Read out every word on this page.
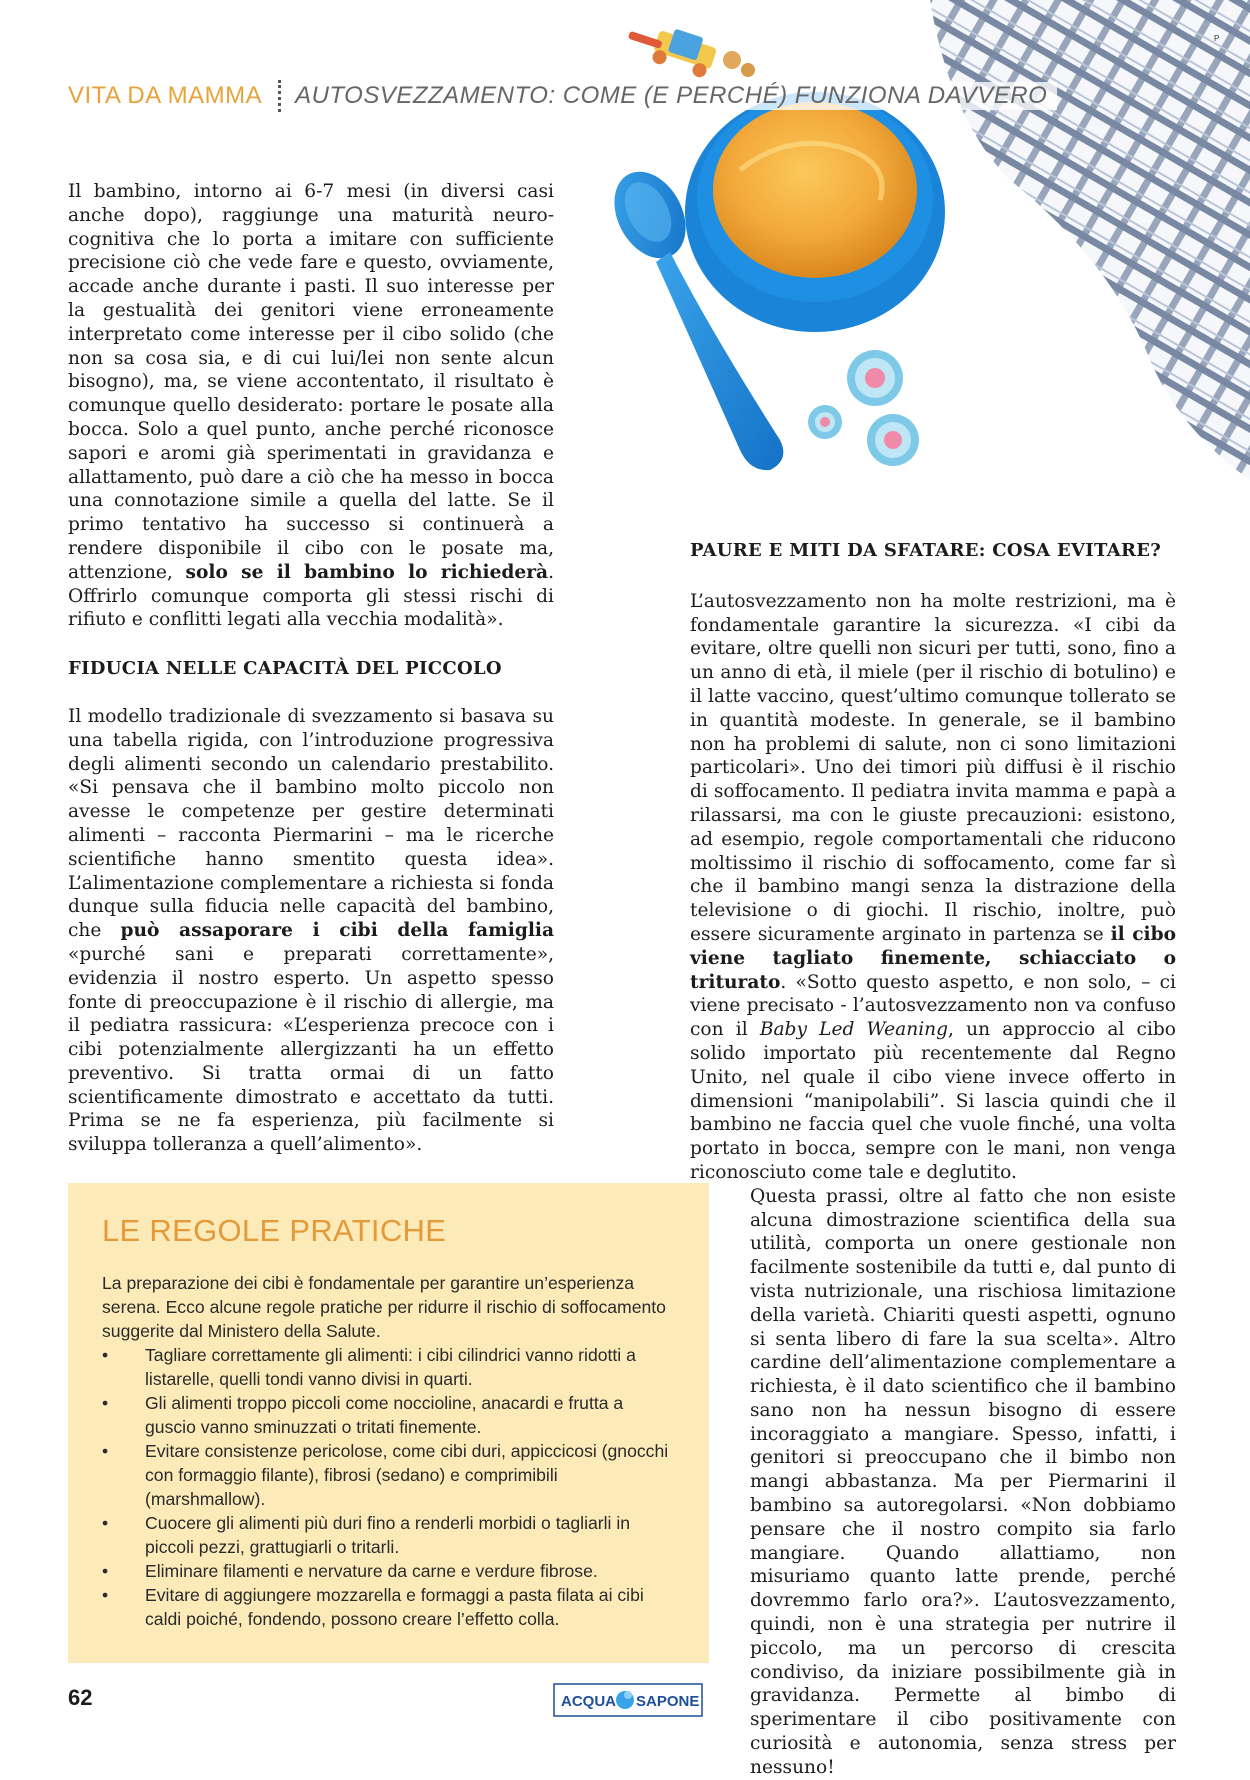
P
VITA DA MAMMA AUTOSVEZZAMENTO: COME (E PERCHÉ) FUNZIONA DAVVERO

Il bambino, intorno ai 6-7 mesi (in diversi casi anche dopo), raggiunge una maturità neuro-cognitiva che lo porta a imitare con sufficiente precisione ciò che vede fare e questo, ovviamente, accade anche durante i pasti. Il suo interesse per la gestualità dei genitori viene erroneamente interpretato come interesse per il cibo solido (che non sa cosa sia, e di cui lui/lei non sente alcun bisogno), ma, se viene accontentato, il risultato è comunque quello desiderato: portare le posate alla bocca. Solo a quel punto, anche perché riconosce sapori e aromi già sperimentati in gravidanza e allattamento, può dare a ciò che ha messo in bocca una connotazione simile a quella del latte. Se il primo tentativo ha successo si continuerà a rendere disponibile il cibo con le posate ma, attenzione, solo se il bambino lo richiederà. Offrirlo comunque comporta gli stessi rischi di rifiuto e conflitti legati alla vecchia modalità».

FIDUCIA NELLE CAPACITÀ DEL PICCOLO

Il modello tradizionale di svezzamento si basava su una tabella rigida, con l’introduzione progressiva degli alimenti secondo un calendario prestabilito. «Si pensava che il bambino molto piccolo non avesse le competenze per gestire determinati alimenti – racconta Piermarini – ma le ricerche scientifiche hanno smentito questa idea». L’alimentazione complementare a richiesta si fonda dunque sulla fiducia nelle capacità del bambino, che può assaporare i cibi della famiglia «purché sani e preparati correttamente», evidenzia il nostro esperto. Un aspetto spesso fonte di preoccupazione è il rischio di allergie, ma il pediatra rassicura: «L’esperienza precoce con i cibi potenzialmente allergizzanti ha un effetto preventivo. Si tratta ormai di un fatto scientificamente dimostrato e accettato da tutti. Prima se ne fa esperienza, più facilmente si sviluppa tolleranza a quell’alimento».

PAURE E MITI DA SFATARE: COSA EVITARE?

L’autosvezzamento non ha molte restrizioni, ma è fondamentale garantire la sicurezza. «I cibi da evitare, oltre quelli non sicuri per tutti, sono, fino a un anno di età, il miele (per il rischio di botulino) e il latte vaccino, quest’ultimo comunque tollerato se in quantità modeste. In generale, se il bambino non ha problemi di salute, non ci sono limitazioni particolari». Uno dei timori più diffusi è il rischio di soffocamento. Il pediatra invita mamma e papà a rilassarsi, ma con le giuste precauzioni: esistono, ad esempio, regole comportamentali che riducono moltissimo il rischio di soffocamento, come far sì che il bambino mangi senza la distrazione della televisione o di giochi. Il rischio, inoltre, può essere sicuramente arginato in partenza se il cibo viene tagliato finemente, schiacciato o triturato. «Sotto questo aspetto, e non solo, – ci viene precisato - l’autosvezzamento non va confuso con il Baby Led Weaning, un approccio al cibo solido importato più recentemente dal Regno Unito, nel quale il cibo viene invece offerto in dimensioni “manipolabili”. Si lascia quindi che il bambino ne faccia quel che vuole finché, una volta portato in bocca, sempre con le mani, non venga riconosciuto come tale e deglutito.

Questa prassi, oltre al fatto che non esiste alcuna dimostrazione scientifica della sua utilità, comporta un onere gestionale non facilmente sostenibile da tutti e, dal punto di vista nutrizionale, una rischiosa limitazione della varietà. Chiariti questi aspetti, ognuno si senta libero di fare la sua scelta». Altro cardine dell’alimentazione complementare a richiesta, è il dato scientifico che il bambino sano non ha nessun bisogno di essere incoraggiato a mangiare. Spesso, infatti, i genitori si preoccupano che il bimbo non mangi abbastanza. Ma per Piermarini il bambino sa autoregolarsi. «Non dobbiamo pensare che il nostro compito sia farlo mangiare. Quando allattiamo, non misuriamo quanto latte prende, perché dovremmo farlo ora?». L’autosvezzamento, quindi, non è una strategia per nutrire il piccolo, ma un percorso di crescita condiviso, da iniziare possibilmente già in gravidanza. Permette al bimbo di sperimentare il cibo positivamente con curiosità e autonomia, senza stress per nessuno!

LE REGOLE PRATICHE
La preparazione dei cibi è fondamentale per garantire un’esperienza serena. Ecco alcune regole pratiche per ridurre il rischio di soffocamento suggerite dal Ministero della Salute.
• Tagliare correttamente gli alimenti: i cibi cilindrici vanno ridotti a listarelle, quelli tondi vanno divisi in quarti.
• Gli alimenti troppo piccoli come noccioline, anacardi e frutta a guscio vanno sminuzzati o tritati finemente.
• Evitare consistenze pericolose, come cibi duri, appiccicosi (gnocchi con formaggio filante), fibrosi (sedano) e comprimibili (marshmallow).
• Cuocere gli alimenti più duri fino a renderli morbidi o tagliarli in piccoli pezzi, grattugiarli o tritarli.
• Eliminare filamenti e nervature da carne e verdure fibrose.
• Evitare di aggiungere mozzarella e formaggi a pasta filata ai cibi caldi poiché, fondendo, possono creare l’effetto colla.
62	ACQUA SAPONE
